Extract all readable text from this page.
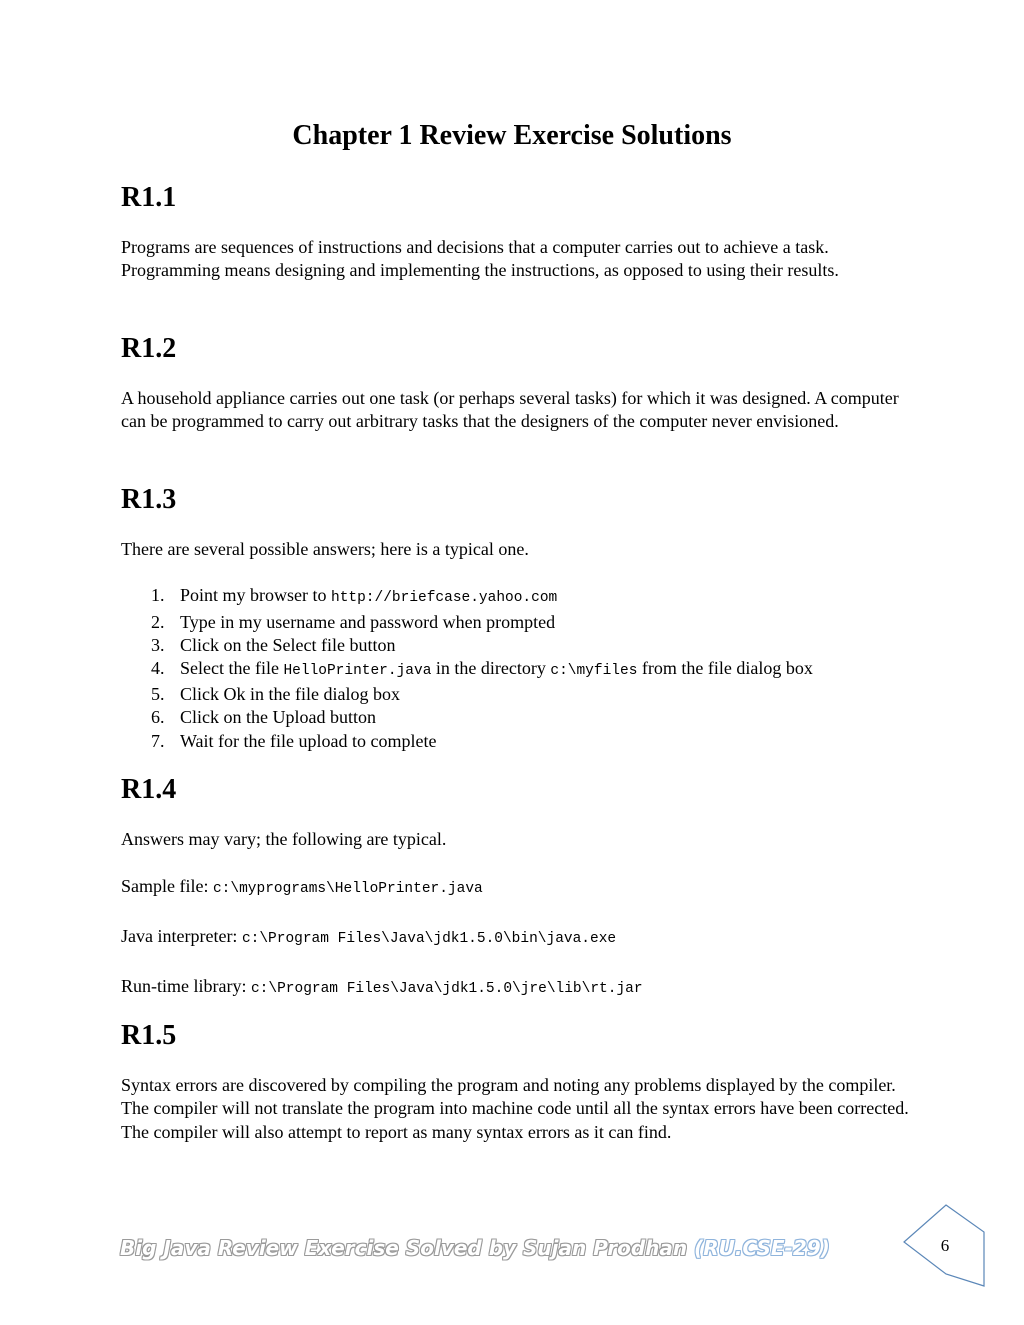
Chapter 1 Review Exercise Solutions
R1.1

Programs are sequences of instructions and decisions that a computer carries out to achieve a task. Programming means designing and implementing the instructions, as opposed to using their results.

R1.2

A household appliance carries out one task (or perhaps several tasks) for which it was designed. A computer can be programmed to carry out arbitrary tasks that the designers of the computer never envisioned.

R1.3

There are several possible answers; here is a typical one.

1. Point my browser to http://briefcase.yahoo.com
2. Type in my username and password when prompted
3. Click on the Select file button
4. Select the file HelloPrinter.java in the directory c:\myfiles from the file dialog box
5. Click Ok in the file dialog box
6. Click on the Upload button
7. Wait for the file upload to complete
R1.4

Answers may vary; the following are typical.

Sample file: c:\myprograms\HelloPrinter.java

Java interpreter: c:\Program Files\Java\jdk1.5.0\bin\java.exe

Run-time library: c:\Program Files\Java\jdk1.5.0\jre\lib\rt.jar

R1.5

Syntax errors are discovered by compiling the program and noting any problems displayed by the compiler. The compiler will not translate the program into machine code until all the syntax errors have been corrected. The compiler will also attempt to report as many syntax errors as it can find.

Big Java Review Exercise Solved by Sujan Prodhan (RU.CSE-29)	6
